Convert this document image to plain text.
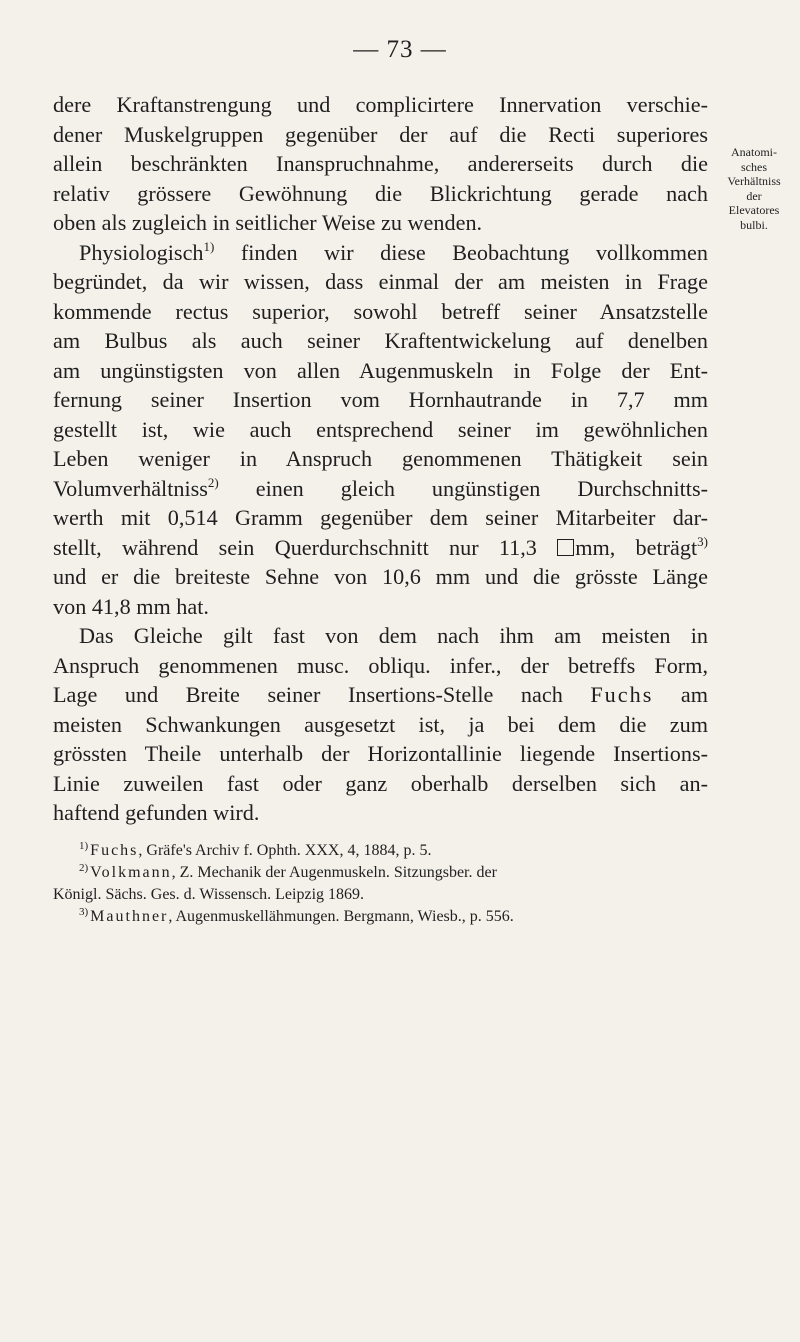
— 73 —
dere Kraftanstrengung und complicirtere Innervation verschie-
dener Muskelgruppen gegenüber der auf die Recti superiores
allein beschränkten Inanspruchnahme, andererseits durch die
relativ grössere Gewöhnung die Blickrichtung gerade nach
oben als zugleich in seitlicher Weise zu wenden.
Physiologisch$^{1)}$ finden wir diese Beobachtung vollkommen
begründet, da wir wissen, dass einmal der am meisten in Frage
kommende rectus superior, sowohl betreff seiner Ansatzstelle
am Bulbus als auch seiner Kraftentwickelung auf denelben
am ungünstigsten von allen Augenmuskeln in Folge der Ent-
fernung seiner Insertion vom Hornhautrande in 7,7 mm
gestellt ist, wie auch entsprechend seiner im gewöhnlichen
Leben weniger in Anspruch genommenen Thätigkeit sein
Volumverhältniss$^{2)}$ einen gleich ungünstigen Durchschnitts-
werth mit 0,514 Gramm gegenüber dem seiner Mitarbeiter dar-
stellt, während sein Querdurchschnitt nur 11,3 mm, beträgt$^{3)}$
und er die breiteste Sehne von 10,6 mm und die grösste Länge
von 41,8 mm hat.
Das Gleiche gilt fast von dem nach ihm am meisten in
Anspruch genommenen musc. obliqu. infer., der betreffs Form,
Lage und Breite seiner Insertions-Stelle nach Fuchs am
meisten Schwankungen ausgesetzt ist, ja bei dem die zum
grössten Theile unterhalb der Horizontallinie liegende Insertions-
Linie zuweilen fast oder ganz oberhalb derselben sich an-
haftend gefunden wird.
Anatomi-
sches
Verhältniss
der
Elevatores
bulbi.
$^{1)}$ Fuchs, Gräfe's Archiv f. Ophth. XXX, 4, 1884, p. 5.
$^{2)}$ Volkmann, Z. Mechanik der Augenmuskeln. Sitzungsber. der
Königl. Sächs. Ges. d. Wissensch. Leipzig 1869.
$^{3)}$ Mauthner, Augenmuskellähmungen. Bergmann, Wiesb., p. 556.
